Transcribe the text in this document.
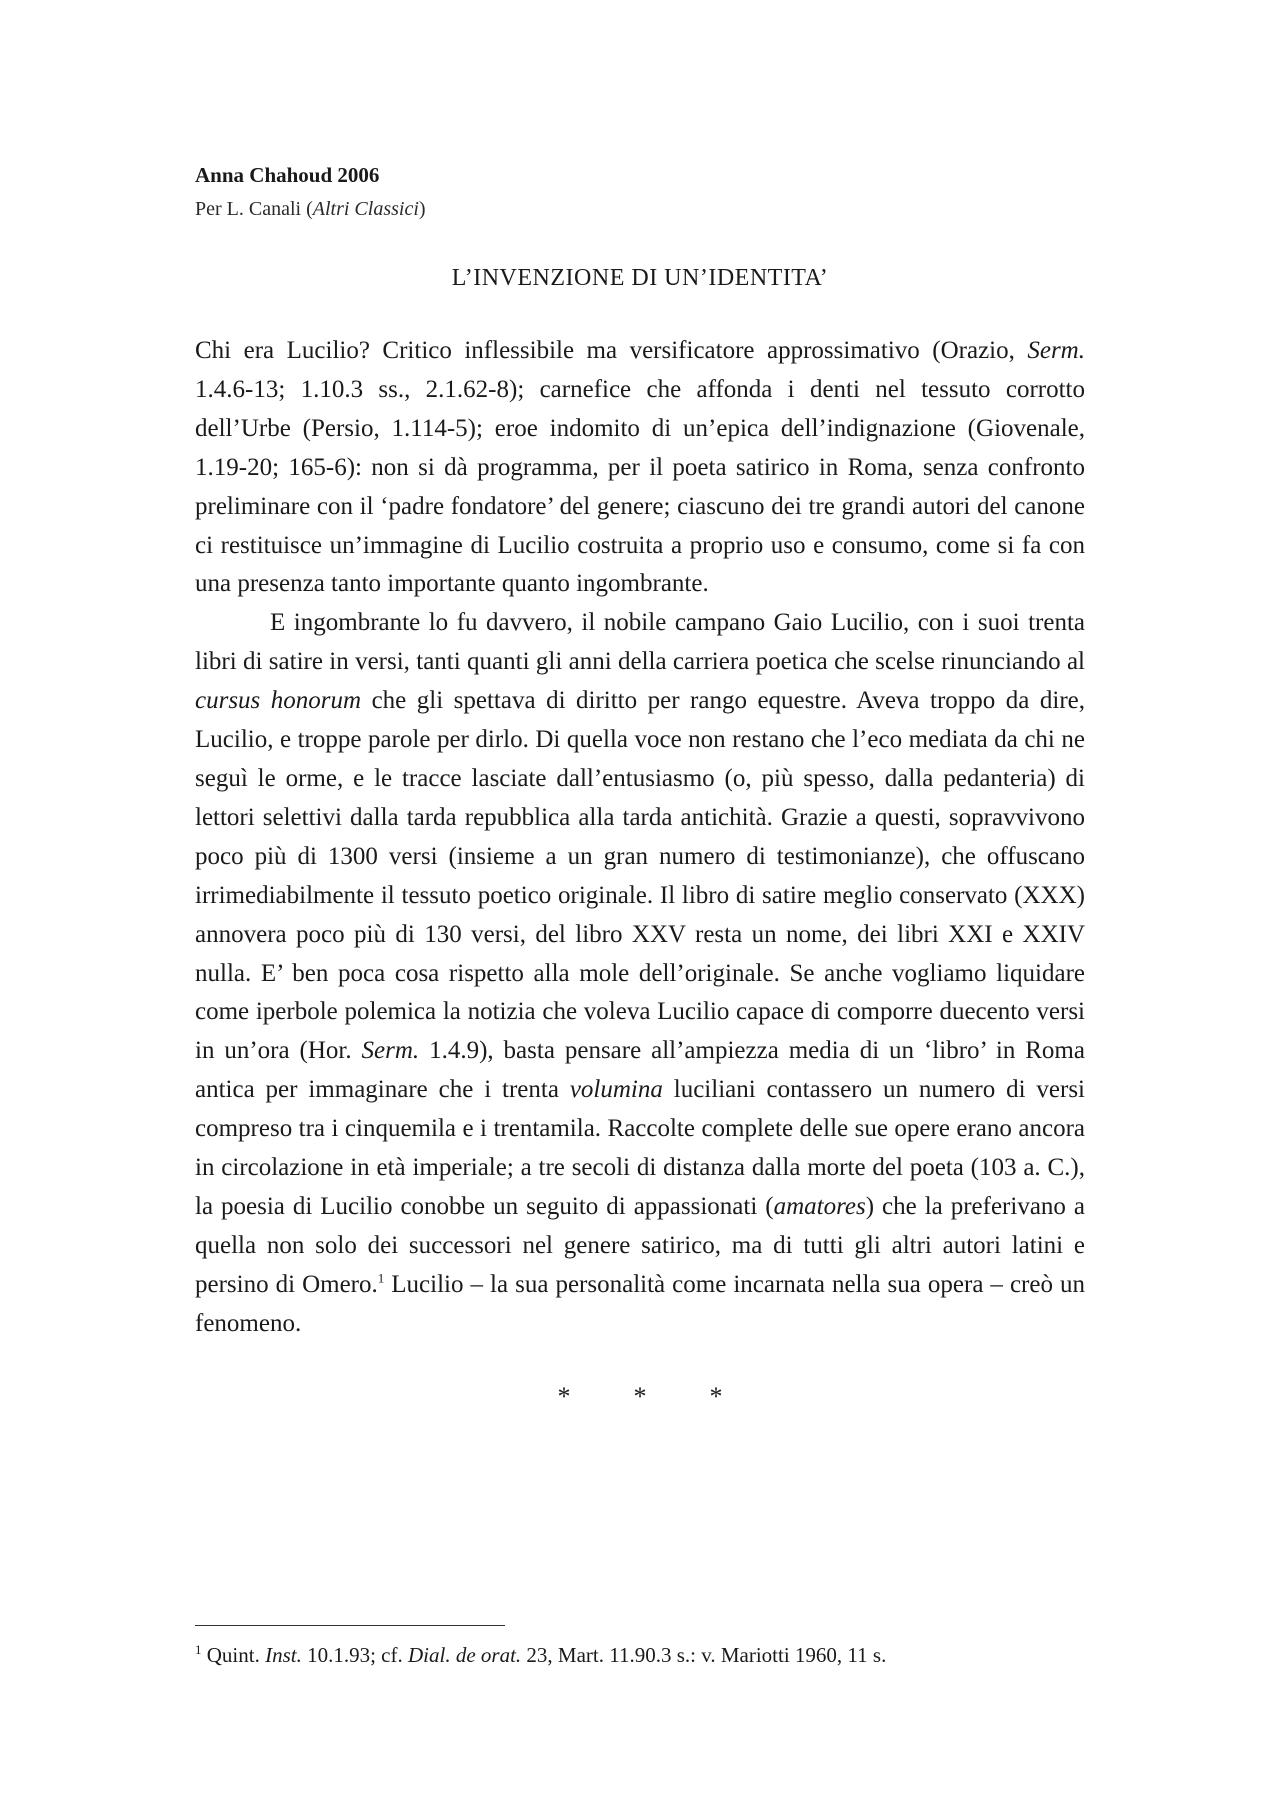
Anna Chahoud 2006

Per L. Canali (Altri Classici)

L’INVENZIONE DI UN’IDENTITA’

Chi era Lucilio? Critico inflessibile ma versificatore approssimativo (Orazio, Serm. 1.4.6-13; 1.10.3 ss., 2.1.62-8); carnefice che affonda i denti nel tessuto corrotto dell’Urbe (Persio, 1.114-5); eroe indomito di un’epica dell’indignazione (Giovenale, 1.19-20; 165-6): non si dà programma, per il poeta satirico in Roma, senza confronto preliminare con il ‘padre fondatore’ del genere; ciascuno dei tre grandi autori del canone ci restituisce un’immagine di Lucilio costruita a proprio uso e consumo, come si fa con una presenza tanto importante quanto ingombrante.

E ingombrante lo fu davvero, il nobile campano Gaio Lucilio, con i suoi trenta libri di satire in versi, tanti quanti gli anni della carriera poetica che scelse rinunciando al cursus honorum che gli spettava di diritto per rango equestre. Aveva troppo da dire, Lucilio, e troppe parole per dirlo. Di quella voce non restano che l’eco mediata da chi ne seguì le orme, e le tracce lasciate dall’entusiasmo (o, più spesso, dalla pedanteria) di lettori selettivi dalla tarda repubblica alla tarda antichità. Grazie a questi, sopravvivono poco più di 1300 versi (insieme a un gran numero di testimonianze), che offuscano irrimediabilmente il tessuto poetico originale. Il libro di satire meglio conservato (XXX) annovera poco più di 130 versi, del libro XXV resta un nome, dei libri XXI e XXIV nulla. E’ ben poca cosa rispetto alla mole dell’originale. Se anche vogliamo liquidare come iperbole polemica la notizia che voleva Lucilio capace di comporre duecento versi in un’ora (Hor. Serm. 1.4.9), basta pensare all’ampiezza media di un ‘libro’ in Roma antica per immaginare che i trenta volumina luciliani contassero un numero di versi compreso tra i cinquemila e i trentamila. Raccolte complete delle sue opere erano ancora in circolazione in età imperiale; a tre secoli di distanza dalla morte del poeta (103 a. C.), la poesia di Lucilio conobbe un seguito di appassionati (amatores) che la preferivano a quella non solo dei successori nel genere satirico, ma di tutti gli altri autori latini e persino di Omero.$^1$ Lucilio – la sua personalità come incarnata nella sua opera – creò un fenomeno.

* * *

$^1$ Quint. Inst. 10.1.93; cf. Dial. de orat. 23, Mart. 11.90.3 s.: v. Mariotti 1960, 11 s.
